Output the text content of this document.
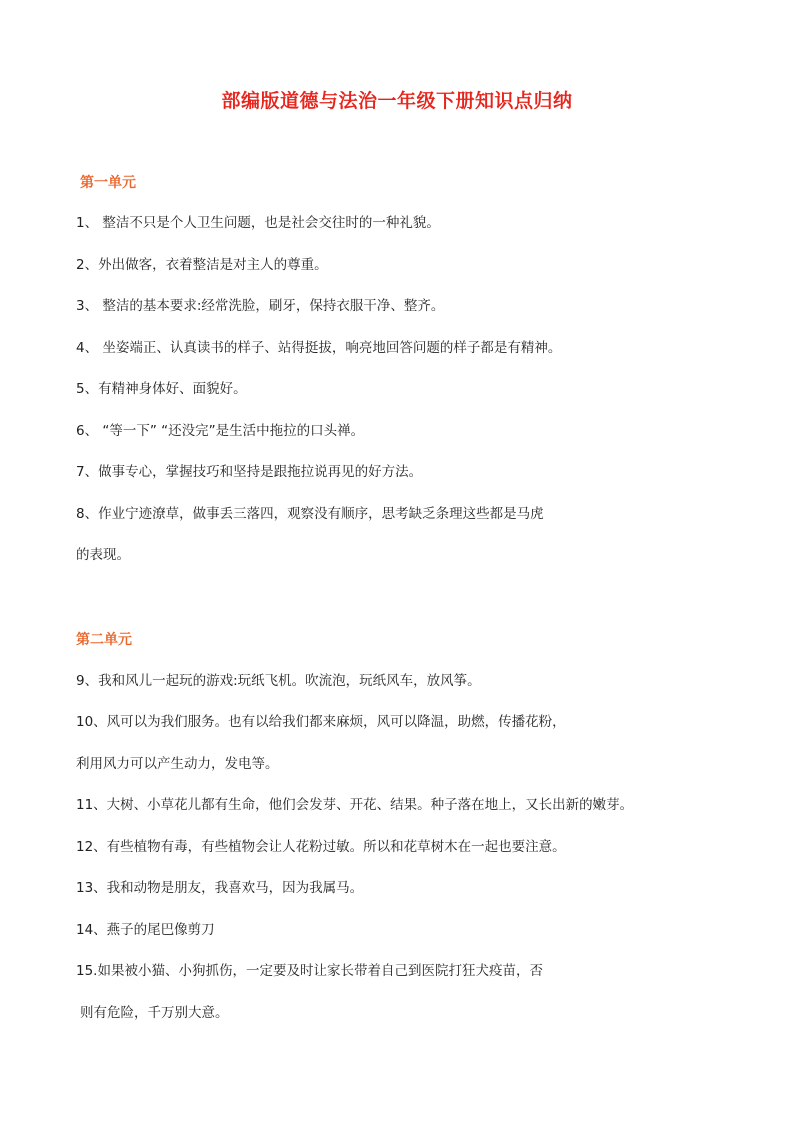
部编版道德与法治一年级下册知识点归纳
第一单元
1、 整洁不只是个人卫生问题，也是社会交往时的一种礼貌。
2、外出做客，衣着整洁是对主人的尊重。
3、 整洁的基本要求:经常洗脸，刷牙，保持衣服干净、整齐。
4、 坐姿端正、认真读书的样子、站得挺拔，响亮地回答问题的样子都是有精神。
5、有精神身体好、面貌好。
6、 “等一下” “还没完”是生活中拖拉的口头禅。
7、做事专心，掌握技巧和坚持是跟拖拉说再见的好方法。
8、作业宁迹潦草，做事丢三落四，观察没有顺序，思考缺乏条理这些都是马虎
的表现。
第二单元
9、我和风儿一起玩的游戏:玩纸飞机。吹流泡，玩纸风车，放风筝。
10、风可以为我们服务。也有以给我们都来麻烦，风可以降温，助燃，传播花粉，
利用风力可以产生动力，发电等。
11、大树、小草花儿都有生命，他们会发芽、开花、结果。种子落在地上，又长出新的嫩芽。
12、有些植物有毒，有些植物会让人花粉过敏。所以和花草树木在一起也要注意。
13、我和动物是朋友，我喜欢马，因为我属马。
14、燕子的尾巴像剪刀
15.如果被小猫、小狗抓伤，一定要及时让家长带着自己到医院打狂犬疫苗，否
则有危险，千万别大意。
